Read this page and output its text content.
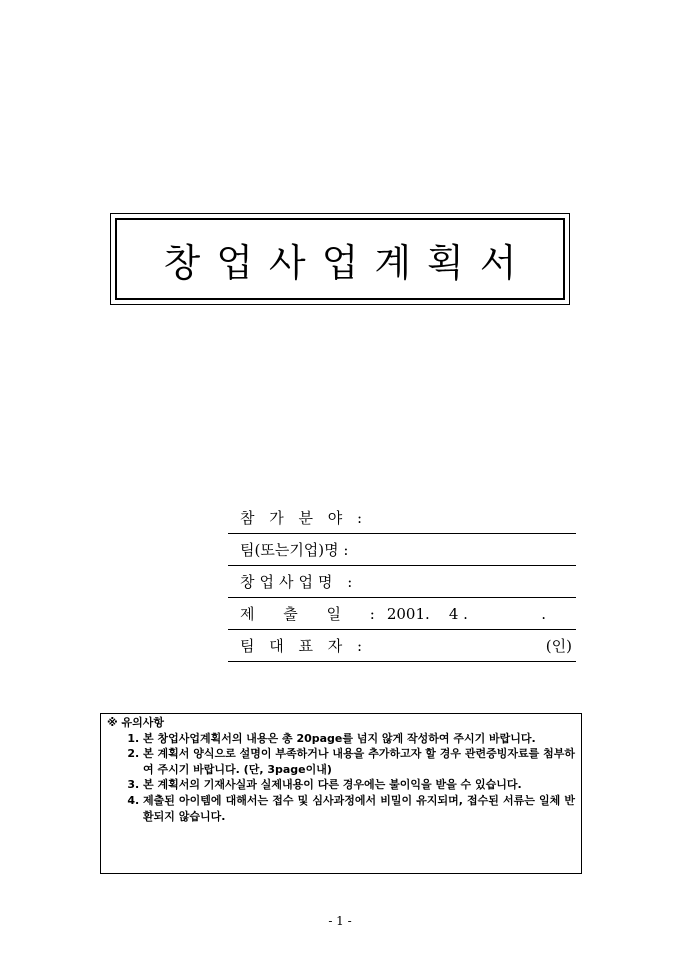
창업사업계획서
참 가 분 야 :		
팀(또는기업)명 :		
창업사업명 :		
제 출 일 :	2001.    4 .	.
팀 대 표 자 :		(인)
※ 유의사항
1. 본 창업사업계획서의 내용은 총 20page를 넘지 않게 작성하여 주시기 바랍니다.
2. 본 계획서 양식으로 설명이 부족하거나 내용을 추가하고자 할 경우 관련증빙자료를 첨부하여 주시기 바랍니다. (단, 3page이내)
3. 본 계획서의 기재사실과 실제내용이 다른 경우에는 불이익을 받을 수 있습니다.
4. 제출된 아이템에 대해서는 접수 및 심사과정에서 비밀이 유지되며, 접수된 서류는 일체 반환되지 않습니다.
- 1 -
